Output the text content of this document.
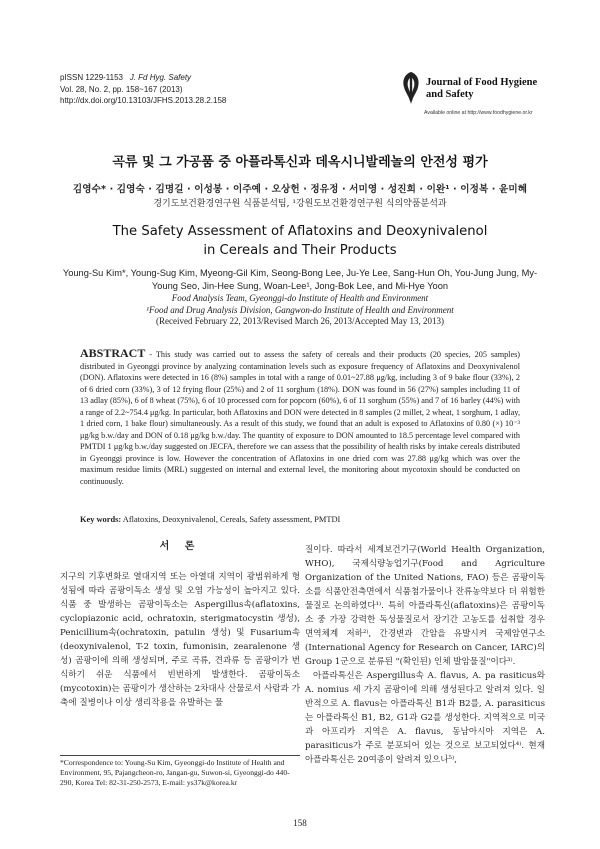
pISSN 1229-1153 J. Fd Hyg. Safety
Vol. 28, No. 2, pp. 158~167 (2013)
http://dx.doi.org/10.13103/JFHS.2013.28.2.158
Journal of Food Hygiene
and Safety
Available online at http://www.foodhygiene.or.kr
곡류 및 그 가공품 중 아플라톡신과 데옥시니발레놀의 안전성 평가
김영수* · 김영숙 · 김명길 · 이성봉 · 이주예 · 오상헌 · 정유정 · 서미영 · 성진희 · 이완¹ · 이정복 · 윤미혜
경기도보건환경연구원 식품분석팀, ¹강원도보건환경연구원 식의약품분석과
The Safety Assessment of Aflatoxins and Deoxynivalenol
in Cereals and Their Products
Young-Su Kim*, Young-Sug Kim, Myeong-Gil Kim, Seong-Bong Lee, Ju-Ye Lee, Sang-Hun Oh, You-Jung Jung, My-Young Seo, Jin-Hee Sung, Woan-Lee¹, Jong-Bok Lee, and Mi-Hye Yoon
Food Analysis Team, Gyeonggi-do Institute of Health and Environment
¹Food and Drug Analysis Division, Gangwon-do Institute of Health and Environment
(Received February 22, 2013/Revised March 26, 2013/Accepted May 13, 2013)
ABSTRACT - This study was carried out to assess the safety of cereals and their products (20 species, 205 samples) distributed in Gyeonggi province by analyzing contamination levels such as exposure frequency of Aflatoxins and Deoxynivalenol (DON). Aflatoxins were detected in 16 (8%) samples in total with a range of 0.01~27.88 μg/kg, including 3 of 9 bake flour (33%), 2 of 6 dried corn (33%), 3 of 12 frying flour (25%) and 2 of 11 sorghum (18%). DON was found in 56 (27%) samples including 11 of 13 adlay (85%), 6 of 8 wheat (75%), 6 of 10 processed corn for popcorn (60%), 6 of 11 sorghum (55%) and 7 of 16 barley (44%) with a range of 2.2~754.4 μg/kg. In particular, both Aflatoxins and DON were detected in 8 samples (2 millet, 2 wheat, 1 sorghum, 1 adlay, 1 dried corn, 1 bake flour) simultaneously. As a result of this study, we found that an adult is exposed to Aflatoxins of 0.80 (×) 10⁻³ μg/kg b.w./day and DON of 0.18 μg/kg b.w./day. The quantity of exposure to DON amounted to 18.5 percentage level compared with PMTDI 1 μg/kg b.w./day suggested on JECFA, therefore we can assess that the possibility of health risks by intake cereals distributed in Gyeonggi province is low. However the concentration of Aflatoxins in one dried corn was 27.88 μg/kg which was over the maximum residue limits (MRL) suggested on internal and external level, the monitoring about mycotoxin should be conducted on continuously.
Key words: Aflatoxins, Deoxynivalenol, Cereals, Safety assessment, PMTDI
서 론

지구의 기후변화로 열대지역 또는 아열대 지역이 광범위하게 형성됨에 따라 곰팡이독소 생성 및 오염 가능성이 높아지고 있다. 식품 중 발생하는 곰팡이독소는 Aspergillus속(aflatoxins, cyclopiazonic acid, ochratoxin, sterigmatocystin 생성), Penicillium속(ochratoxin, patulin 생성) 및 Fusarium속(deoxynivalenol, T-2 toxin, fumonisin, zearalenone 생성) 곰팡이에 의해 생성되며, 주로 곡류, 견과류 등 곰팡이가 번식하기 쉬운 식품에서 빈번하게 발생한다. 곰팡이독소(mycotoxin)는 곰팡이가 생산하는 2차대사 산물로서 사람과 가축에 질병이나 이상 생리작용을 유발하는 물

질이다. 따라서 세계보건기구(World Health Organization, WHO), 국제식량농업기구(Food and Agriculture Organization of the United Nations, FAO) 등은 곰팡이독소를 식품안전측면에서 식품첨가물이나 잔류농약보다 더 위험한 물질로 논의하였다¹⁾. 특히 아플라톡신(aflatoxins)은 곰팡이독소 중 가장 강력한 독성물질로서 장기간 고농도를 섭취할 경우 면역체계 저하²⁾, 간경변과 간암을 유발시켜 국제암연구소(International Agency for Research on Cancer, IARC)의 Group 1군으로 분류된 "(확인된) 인체 발암물질"이다³⁾.

아플라톡신은 Aspergillus속 A. flavus, A. pa rasiticus와 A. nomius 세 가지 곰팡이에 의해 생성된다고 알려져 있다. 일반적으로 A. flavus는 아플라톡신 B1과 B2를, A. parasiticus는 아플라톡신 B1, B2, G1과 G2를 생성한다. 지역적으로 미국과 아프리카 지역은 A. flavus, 동남아시아 지역은 A. parasiticus가 주로 분포되어 있는 것으로 보고되었다⁴⁾. 현재 아플라톡신은 20여종이 알려져 있으나⁵⁾,

*Correspondence to: Young-Su Kim, Gyeonggi-do Institute of Health and Environment, 95, Pajangcheon-ro, Jangan-gu, Suwon-si, Gyeonggi-do 440-290, Korea Tel: 82-31-250-2573, E-mail: ys37k@korea.kr
158
